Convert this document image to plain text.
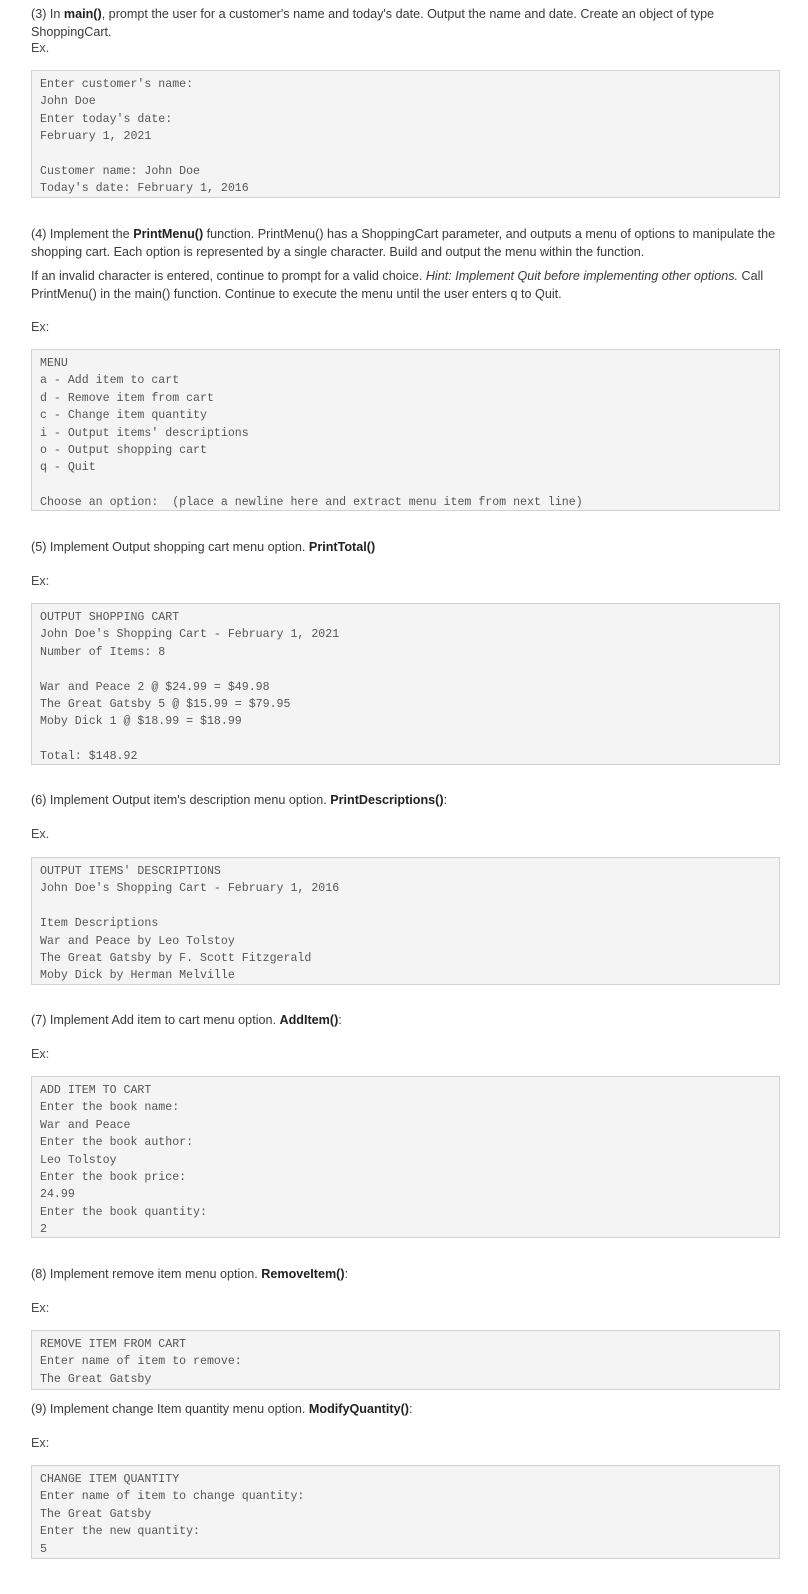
(3) In main(), prompt the user for a customer's name and today's date. Output the name and date. Create an object of type ShoppingCart.

Ex.

Enter customer's name:
John Doe
Enter today's date:
February 1, 2021

Customer name: John Doe
Today's date: February 1, 2016

(4) Implement the PrintMenu() function. PrintMenu() has a ShoppingCart parameter, and outputs a menu of options to manipulate the shopping cart. Each option is represented by a single character. Build and output the menu within the function.

If an invalid character is entered, continue to prompt for a valid choice. Hint: Implement Quit before implementing other options. Call PrintMenu() in the main() function. Continue to execute the menu until the user enters q to Quit.

Ex:

MENU
a - Add item to cart
d - Remove item from cart
c - Change item quantity
i - Output items' descriptions
o - Output shopping cart
q - Quit

Choose an option:  (place a newline here and extract menu item from next line)

(5) Implement Output shopping cart menu option. PrintTotal()

Ex:

OUTPUT SHOPPING CART
John Doe's Shopping Cart - February 1, 2021
Number of Items: 8

War and Peace 2 @ $24.99 = $49.98
The Great Gatsby 5 @ $15.99 = $79.95
Moby Dick 1 @ $18.99 = $18.99

Total: $148.92

(6) Implement Output item's description menu option. PrintDescriptions():

Ex.

OUTPUT ITEMS' DESCRIPTIONS
John Doe's Shopping Cart - February 1, 2016

Item Descriptions
War and Peace by Leo Tolstoy
The Great Gatsby by F. Scott Fitzgerald
Moby Dick by Herman Melville

(7) Implement Add item to cart menu option. AddItem():

Ex:

ADD ITEM TO CART
Enter the book name:
War and Peace
Enter the book author:
Leo Tolstoy
Enter the book price:
24.99
Enter the book quantity:
2

(8) Implement remove item menu option. RemoveItem():

Ex:

REMOVE ITEM FROM CART
Enter name of item to remove:
The Great Gatsby

(9) Implement change Item quantity menu option. ModifyQuantity():

Ex:

CHANGE ITEM QUANTITY
Enter name of item to change quantity:
The Great Gatsby
Enter the new quantity:
5
